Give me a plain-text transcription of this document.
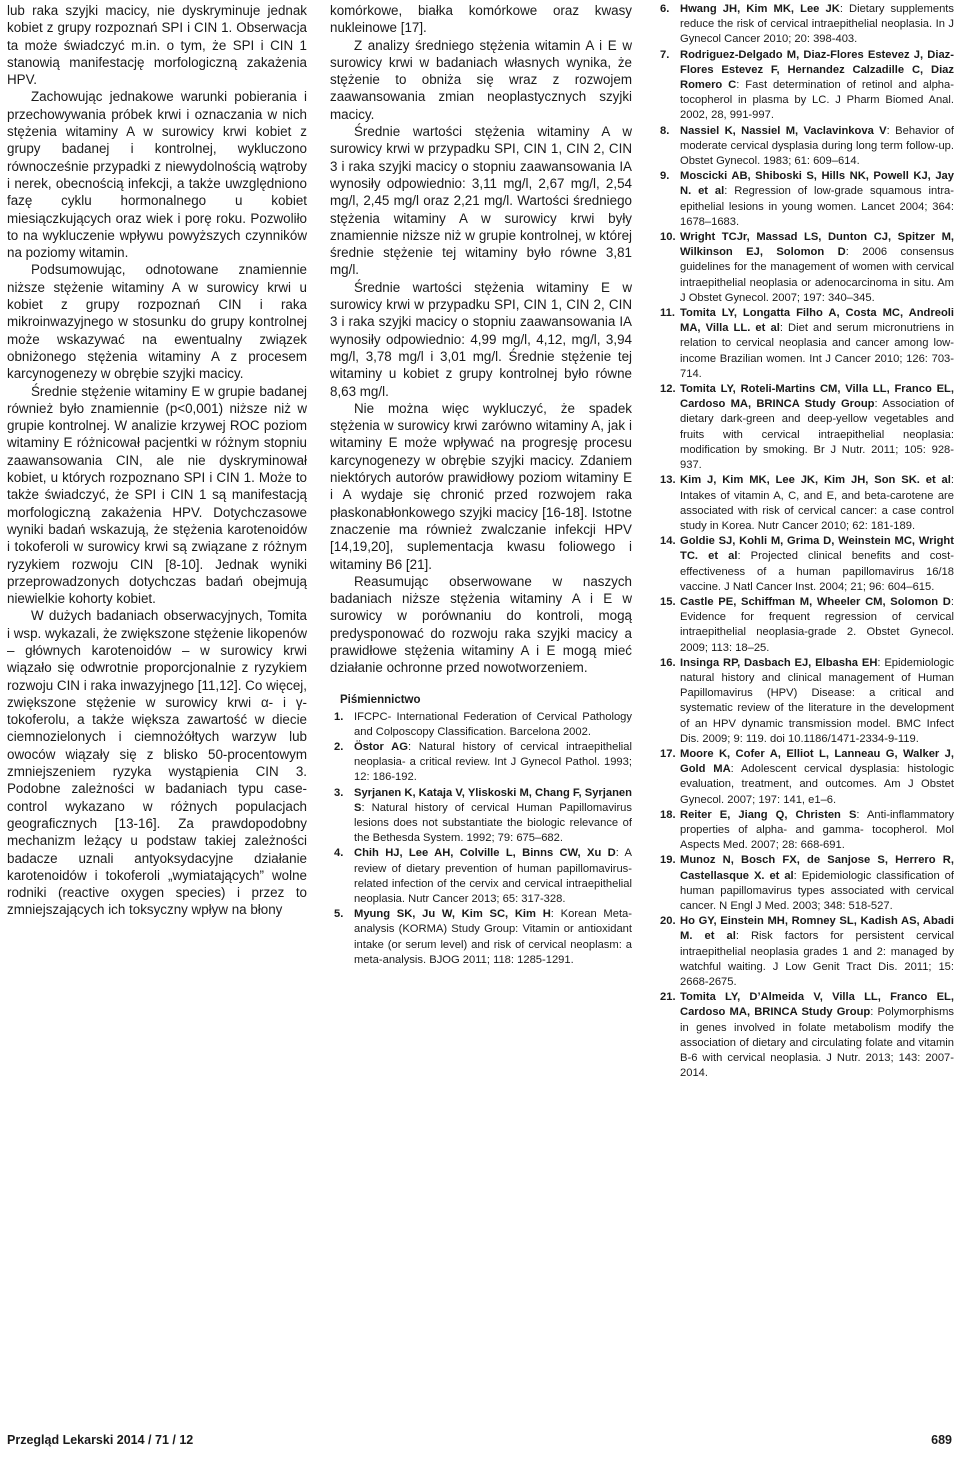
lub raka szyjki macicy, nie dyskryminuje jednak kobiet z grupy rozpoznań SPI i CIN 1. Obserwacja ta może świadczyć m.in. o tym, że SPI i CIN 1 stanowią manifestację morfologiczną zakażenia HPV.

Zachowując jednakowe warunki pobierania i przechowywania próbek krwi i oznaczania w nich stężenia witaminy A w surowicy krwi kobiet z grupy badanej i kontrolnej, wykluczono równocześnie przypadki z niewydolnością wątroby i nerek, obecnością infekcji, a także uwzględniono fazę cyklu hormonalnego u kobiet miesiączkujących oraz wiek i porę roku. Pozwoliło to na wykluczenie wpływu powyższych czynników na poziomy witamin.

Podsumowując, odnotowane znamiennie niższe stężenie witaminy A w surowicy krwi u kobiet z grupy rozpoznań CIN i raka mikroinwazyjnego w stosunku do grupy kontrolnej może wskazywać na ewentualny związek obniżonego stężenia witaminy A z procesem karcynogenezy w obrębie szyjki macicy.

Średnie stężenie witaminy E w grupie badanej również było znamiennie (p<0,001) niższe niż w grupie kontrolnej. W analizie krzywej ROC poziom witaminy E różnicował pacjentki w różnym stopniu zaawansowania CIN, ale nie dyskryminował kobiet, u których rozpoznano SPI i CIN 1. Może to także świadczyć, że SPI i CIN 1 są manifestacją morfologiczną zakażenia HPV. Dotychczasowe wyniki badań wskazują, że stężenia karotenoidów i tokoferoli w surowicy krwi są związane z różnym ryzykiem rozwoju CIN [8-10]. Jednak wyniki przeprowadzonych dotychczas badań obejmują niewielkie kohorty kobiet.

W dużych badaniach obserwacyjnych, Tomita i wsp. wykazali, że zwiększone stężenie likopenów – głównych karotenoidów – w surowicy krwi wiązało się odwrotnie proporcjonalnie z ryzykiem rozwoju CIN i raka inwazyjnego [11,12]. Co więcej, zwiększone stężenie w surowicy krwi α- i γ-tokoferolu, a także większa zawartość w diecie ciemnozielonych i ciemnożółtych warzyw lub owoców wiązały się z blisko 50-procentowym zmniejszeniem ryzyka wystąpienia CIN 3. Podobne zależności w badaniach typu case-control wykazano w różnych populacjach geograficznych [13-16]. Za prawdopodobny mechanizm leżący u podstaw takiej zależności badacze uznali antyoksydacyjne działanie karotenoidów i tokoferoli „wymiatających” wolne rodniki (reactive oxygen species) i przez to zmniejszających ich toksyczny wpływ na błony

komórkowe, białka komórkowe oraz kwasy nukleinowe [17].

Z analizy średniego stężenia witamin A i E w surowicy krwi w badaniach własnych wynika, że stężenie to obniża się wraz z rozwojem zaawansowania zmian neoplastycznych szyjki macicy.

Średnie wartości stężenia witaminy A w surowicy krwi w przypadku SPI, CIN 1, CIN 2, CIN 3 i raka szyjki macicy o stopniu zaawansowania IA wynosiły odpowiednio: 3,11 mg/l, 2,67 mg/l, 2,54 mg/l, 2,45 mg/l oraz 2,21 mg/l. Wartości średniego stężenia witaminy A w surowicy krwi były znamiennie niższe niż w grupie kontrolnej, w której średnie stężenie tej witaminy było równe 3,81 mg/l.

Średnie wartości stężenia witaminy E w surowicy krwi w przypadku SPI, CIN 1, CIN 2, CIN 3 i raka szyjki macicy o stopniu zaawansowania IA wynosiły odpowiednio: 4,99 mg/l, 4,12, mg/l, 3,94 mg/l, 3,78 mg/l i 3,01 mg/l. Średnie stężenie tej witaminy u kobiet z grupy kontrolnej było równe 8,63 mg/l.

Nie można więc wykluczyć, że spadek stężenia w surowicy krwi zarówno witaminy A, jak i witaminy E może wpływać na progresję procesu karcynogenezy w obrębie szyjki macicy. Zdaniem niektórych autorów prawidłowy poziom witaminy E i A wydaje się chronić przed rozwojem raka płaskonabłonkowego szyjki macicy [16-18]. Istotne znaczenie ma również zwalczanie infekcji HPV [14,19,20], suplementacja kwasu foliowego i witaminy B6 [21].

Reasumując obserwowane w naszych badaniach niższe stężenia witaminy A i E w surowicy w porównaniu do kontroli, mogą predysponować do rozwoju raka szyjki macicy a prawidłowe stężenia witaminy A i E mogą mieć działanie ochronne przed nowotworzeniem.

Piśmiennictwo
1. IFCPC- International Federation of Cervical Pathology and Colposcopy Classification. Barcelona 2002.
2. Östor AG: Natural history of cervical intraepithelial neoplasia- a critical review. Int J Gynecol Pathol. 1993; 12: 186-192.
3. Syrjanen K, Kataja V, Yliskoski M, Chang F, Syrjanen S: Natural history of cervical Human Papillomavirus lesions does not substantiate the biologic relevance of the Bethesda System. 1992; 79: 675–682.
4. Chih HJ, Lee AH, Colville L, Binns CW, Xu D: A review of dietary prevention of human papillomavirus-related infection of the cervix and cervical intraepithelial neoplasia. Nutr Cancer 2013; 65: 317-328.
5. Myung SK, Ju W, Kim SC, Kim H: Korean Meta-analysis (KORMA) Study Group: Vitamin or antioxidant intake (or serum level) and risk of cervical neoplasm: a meta-analysis. BJOG 2011; 118: 1285-1291.
6. Hwang JH, Kim MK, Lee JK: Dietary supplements reduce the risk of cervical intraepithelial neoplasia. In J Gynecol Cancer 2010; 20: 398-403.
7. Rodriguez-Delgado M, Diaz-Flores Estevez J, Diaz-Flores Estevez F, Hernandez Calzadille C, Diaz Romero C: Fast determination of retinol and alpha-tocopherol in plasma by LC. J Pharm Biomed Anal. 2002, 28, 991-997.
8. Nassiel K, Nassiel M, Vaclavinkova V: Behavior of moderate cervical dysplasia during long term follow-up. Obstet Gynecol. 1983; 61: 609–614.
9. Moscicki AB, Shiboski S, Hills NK, Powell KJ, Jay N. et al: Regression of low-grade squamous intra-epithelial lesions in young women. Lancet 2004; 364: 1678–1683.
10. Wright TCJr, Massad LS, Dunton CJ, Spitzer M, Wilkinson EJ, Solomon D: 2006 consensus guidelines for the management of women with cervical intraepithelial neoplasia or adenocarcinoma in situ. Am J Obstet Gynecol. 2007; 197: 340–345.
11. Tomita LY, Longatta Filho A, Costa MC, Andreoli MA, Villa LL. et al: Diet and serum micronutriens in relation to cervical neoplasia and cancer among low-income Brazilian women. Int J Cancer 2010; 126: 703-714.
12. Tomita LY, Roteli-Martins CM, Villa LL, Franco EL, Cardoso MA, BRINCA Study Group: Association of dietary dark-green and deep-yellow vegetables and fruits with cervical intraepithelial neoplasia: modification by smoking. Br J Nutr. 2011; 105: 928-937.
13. Kim J, Kim MK, Lee JK, Kim JH, Son SK. et al: Intakes of vitamin A, C, and E, and beta-carotene are associated with risk of cervical cancer: a case control study in Korea. Nutr Cancer 2010; 62: 181-189.
14. Goldie SJ, Kohli M, Grima D, Weinstein MC, Wright TC. et al: Projected clinical benefits and cost-effectiveness of a human papillomavirus 16/18 vaccine. J Natl Cancer Inst. 2004; 21; 96: 604–615.
15. Castle PE, Schiffman M, Wheeler CM, Solomon D: Evidence for frequent regression of cervical intraepithelial neoplasia-grade 2. Obstet Gynecol. 2009; 113: 18–25.
16. Insinga RP, Dasbach EJ, Elbasha EH: Epidemiologic natural history and clinical management of Human Papillomavirus (HPV) Disease: a critical and systematic review of the literature in the development of an HPV dynamic transmission model. BMC Infect Dis. 2009; 9: 119. doi 10.1186/1471-2334-9-119.
17. Moore K, Cofer A, Elliot L, Lanneau G, Walker J, Gold MA: Adolescent cervical dysplasia: histologic evaluation, treatment, and outcomes. Am J Obstet Gynecol. 2007; 197: 141, e1–6.
18. Reiter E, Jiang Q, Christen S: Anti-inflammatory properties of alpha- and gamma- tocopherol. Mol Aspects Med. 2007; 28: 668-691.
19. Munoz N, Bosch FX, de Sanjose S, Herrero R, Castellasque X. et al: Epidemiologic classification of human papillomavirus types associated with cervical cancer. N Engl J Med. 2003; 348: 518-527.
20. Ho GY, Einstein MH, Romney SL, Kadish AS, Abadi M. et al: Risk factors for persistent cervical intraepithelial neoplasia grades 1 and 2: managed by watchful waiting. J Low Genit Tract Dis. 2011; 15: 2668-2675.
21. Tomita LY, D’Almeida V, Villa LL, Franco EL, Cardoso MA, BRINCA Study Group: Polymorphisms in genes involved in folate metabolism modify the association of dietary and circulating folate and vitamin B-6 with cervical neoplasia. J Nutr. 2013; 143: 2007-2014.
Przegląd Lekarski 2014 / 71 / 12	689
